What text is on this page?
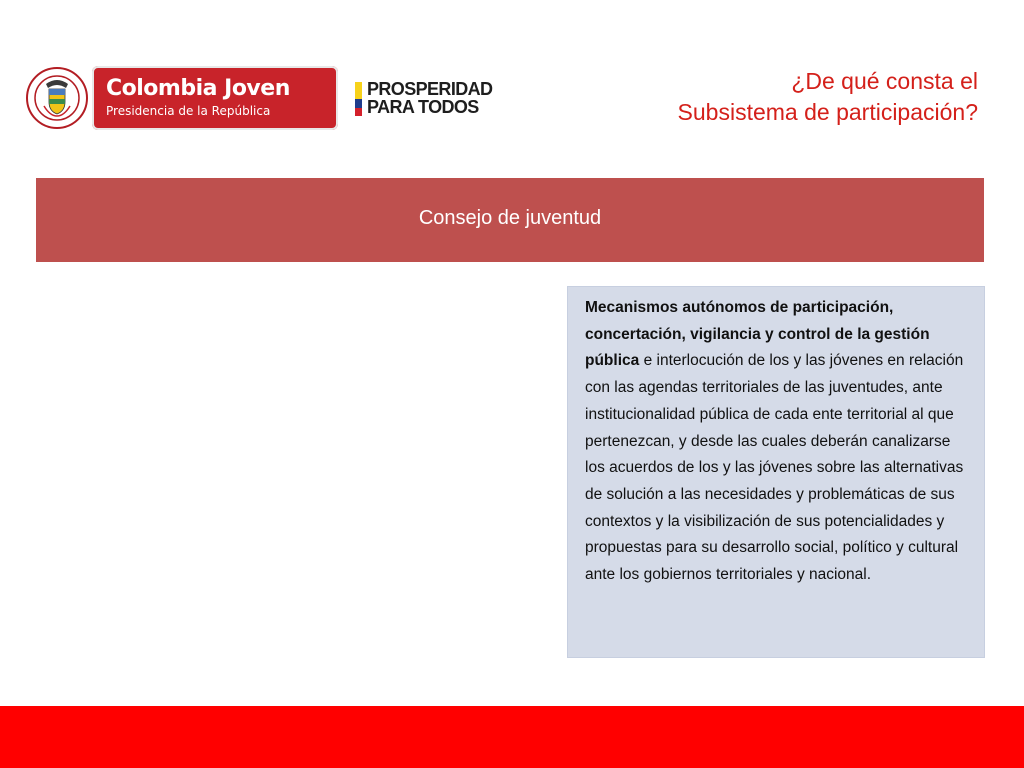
Colombia Joven
Presidencia de la República
PROSPERIDAD
PARA TODOS
¿De qué consta el
Subsistema de participación?
Consejo de juventud

Mecanismos autónomos de participación, concertación, vigilancia y control de la gestión pública e interlocución de los y las jóvenes en relación con las agendas territoriales de las juventudes, ante institucionalidad pública de cada ente territorial al que pertenezcan, y desde las cuales deberán canalizarse los acuerdos de los y las jóvenes sobre las alternativas de solución a las necesidades y problemáticas de sus contextos y la visibilización de sus potencialidades y propuestas para su desarrollo social, político y cultural ante los gobiernos territoriales y nacional.
